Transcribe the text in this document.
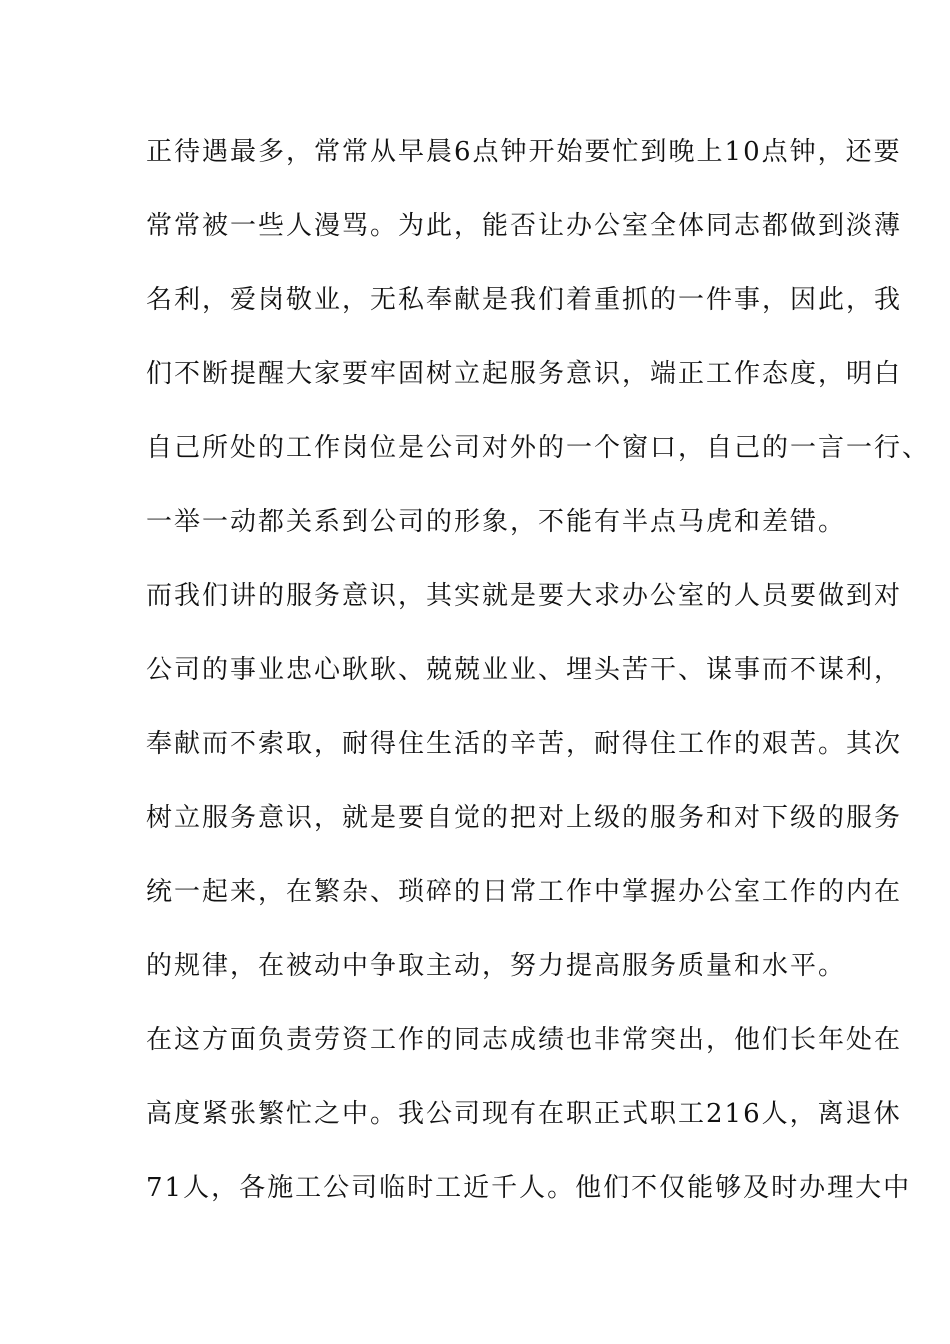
正待遇最多，常常从早晨6点钟开始要忙到晚上10点钟，还要
常常被一些人漫骂。为此，能否让办公室全体同志都做到淡薄
名利，爱岗敬业，无私奉献是我们着重抓的一件事，因此，我
们不断提醒大家要牢固树立起服务意识，端正工作态度，明白
自己所处的工作岗位是公司对外的一个窗口，自己的一言一行、
一举一动都关系到公司的形象，不能有半点马虎和差错。
而我们讲的服务意识，其实就是要大求办公室的人员要做到对
公司的事业忠心耿耿、兢兢业业、埋头苦干、谋事而不谋利，
奉献而不索取，耐得住生活的辛苦，耐得住工作的艰苦。其次
树立服务意识，就是要自觉的把对上级的服务和对下级的服务
统一起来，在繁杂、琐碎的日常工作中掌握办公室工作的内在
的规律，在被动中争取主动，努力提高服务质量和水平。
在这方面负责劳资工作的同志成绩也非常突出，他们长年处在
高度紧张繁忙之中。我公司现有在职正式职工216人，离退休
71人，各施工公司临时工近千人。他们不仅能够及时办理大中
